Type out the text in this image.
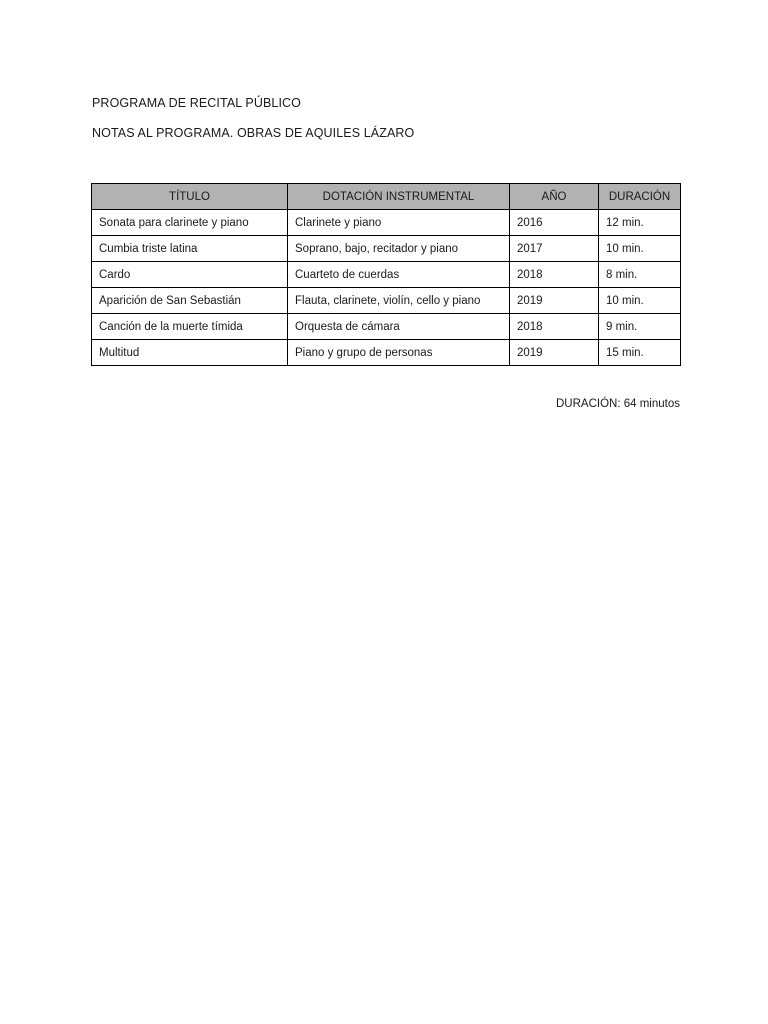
PROGRAMA DE RECITAL PÚBLICO
NOTAS AL PROGRAMA. OBRAS DE AQUILES LÁZARO
TÍTULO	DOTACIÓN INSTRUMENTAL	AÑO	DURACIÓN
Sonata para clarinete y piano	Clarinete y piano	2016	12 min.
Cumbia triste latina	Soprano, bajo, recitador y piano	2017	10 min.
Cardo	Cuarteto de cuerdas	2018	8 min.
Aparición de San Sebastián	Flauta, clarinete, violín, cello y piano	2019	10 min.
Canción de la muerte tímida	Orquesta de cámara	2018	9 min.
Multitud	Piano y grupo de personas	2019	15 min.
DURACIÓN: 64 minutos
